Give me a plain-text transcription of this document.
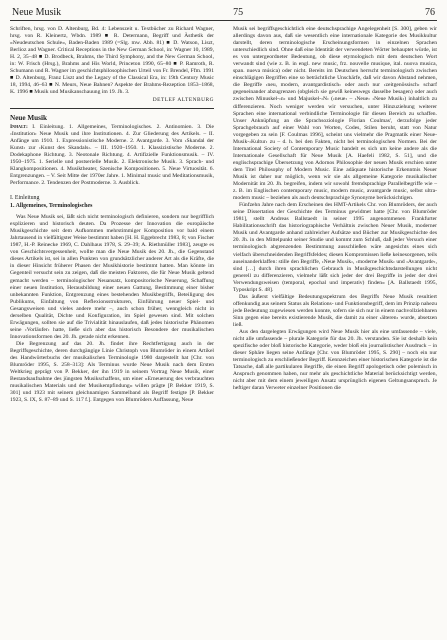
Neue Musik	75	76

Schriften, hrsg. von D. Altenburg, Bd. 4: Lebenszeit u. Textbücher zu Richard Wagner, hrsg. von R. Kleinertz, Wbdn. 1989 ■ R. Determann, Begriff und Ästhetik der »Neudeutschen Schule«, Baden-Baden 1989 (=Slg. mw. Abh. 81) ■ D. Watson, Liszt, Berlioz and Wagner. Critical Receptions in the New German School, in: Wagner 10, 1989, H. 2, 35–48 ■ D. Brodbeck, Brahms, the Third Symphony, and the New German School, in: W. Frisch (Hrsg.), Brahms and His World, Princeton 1990, 65–80 ■ P. Ramroth, R. Schumann und R. Wagner im geschichtsphilosophischen Urteil von Fr. Brendel, Ffm. 1991 ■ D. Altenburg, Franz Liszt and the Legacy of the Classical Era, in: 19th Century Music 18, 1994, 46–63 ■ N. Meurs, Neue Bahnen? Aspekte der Brahms-Rezeption 1853–1868, K. 1996 ■ Musik und Musikanschauung im 19. Jh. 3.

DETLEF ALTENBURG
Neue Musik

Inhalt: I. Einleitung. 1. Allgemeines, Terminologisches. 2. Antinomien. 3. Die ›Institution‹ Neue Musik und ihre Institutionen. 4. Zur Gliederung des Artikels. – II. Anfänge um 1910. 1. Expressionistische Moderne. 2. Avantgarde. 3. Vom ›Skandal der Kunst‹ zur ›Kunst des Skandals‹. – III. 1920–1950. 1. Klassizistische Moderne. 2. Dodekaphone Richtung. 3. Neotonale Richtung. 4. Artifizielle Funktionsmusik. – IV. 1950–1975. 1. Serielle und postserielle Musik. 2. Elektronische Musik. 3. Sprach- und Klangkompositionen. 4. Musiktheater, Szenische Kompositionen. 5. Neue Virtuosität. 6. Entgrenzungen. – V. Seit Mitte der 1970er Jahre. 1. Minimal music und Meditationsmusik, Performance. 2. Tendenzen der Postmoderne. 3. Ausblick.

I. Einleitung
1. Allgemeines, Terminologisches

Was Neue Musik sei, läßt sich nicht terminologisch definieren, sondern nur begrifflich explizieren und historisch deuten. Da Prozesse der Innovation die europäische Musikgeschichte seit dem Aufkommen mehrstimmiger Komposition vor bald einem Jahrtausend in vielfältigster Weise bestimmt haben [H. H. Eggebrecht 1983, 8; von Fischer 1987, H.-P. Reinecke 1969, C. Dahlhaus 1978, S. 29–39; A. Riethmüller 1983], zeugte es von Geschichtsvergessenheit, wollte man die Neue Musik des 20. Jh., die Gegenstand dieses Artikels ist, sei in allen Punkten von grundsätzlicher anderer Art als die Kräfte, die in dieser Hinsicht früherer Phasen der Musikhistorie bestimmt hatten. Man könnte im Gegenteil versucht sein zu zeigen, daß die meisten Faktoren, die für Neue Musik geltend gemacht werden – terminologischer Neuansatz, kompositorische Neuerung, Schaffung einer neuen Institution, Herausbildung einer neuen Gattung, Bestimmung einer bisher unbekannten Funktion, Entgrenzung eines bestehenden Musikbegriffs, Beteiligung des Publikums, Einfaltung von Reflexionsstrukturen, Einführung neuer Spiel- und Gesangsweisen und vieles andere mehr –, auch schon früher, wenngleich nicht in derselben Qualität, Dichte und Konfiguration, im Spiel gewesen sind. Mit solchen Erwägungen, sollten sie auf die Trivialität hinauslaufen, daß jedes historische Phänomen seine ›Vorläufer‹ hatte, ließe sich aber das historisch Besondere der musikalischen Innovationsformen des 20. Jh. gerade nicht erkennen.

Die Begrenzung auf das 20. Jh. findet ihre Rechtfertigung auch in der Begriffsgeschichte, deren durchgängige Linie Christoph von Blumröder in einem Artikel des Handwörterbuchs der musikalischen Terminologie 1980 dargestellt hat [Chr. von Blumröder 1995, S. 258–313]: Als Terminus wurde Neue Musik nach dem Ersten Weltkrieg geprägt von P. Bekker, der ihn 1919 in seinem Vortrag Neue Musik, einer Bestandsaufnahme des jüngsten Musikschaffens, um einer »Erneuerung des verbrauchten musikalischen Materials und der Musikempfindung« willen prägte [P. Bekker 1919, S. 301] und 1923 mit seinem gleichnamigen Sammelband als Begriff festigte [P. Bekker 1923, S. IX, S. 87–89 und S. 117 f.]. Entgegen von Blumröders Auffassung, Neue

Musik sei begriffsgeschichtlich eine deutschsprachige Angelegenheit [S. 300], geben wir allerdings davon aus, daß sie wesentlich eine internationale Kategorie des Musikkultur darstellt, deren terminologische Erscheinungsformen in einzelnen Sprachen unterschiedlich sind. Ohne daß eine Identität der verwendeten Wörter behauptet würde, ist es von untergeordneter Bedeutung, ob diese etymologisch mit dem deutschen Wort verwandt sind (wie z. B. in engl. new music, frz. nouvelle musique, ital. nuova musica, span. nueva música) oder nicht. Bereits im Deutschen herrscht terminologisch zwischen einschlägigen Begriffen eine so beträchtliche Unschärfe, daß wir davon Abstand nehmen, die Begriffe ›neu, modern, avantgardistisch‹ oder auch nur ›zeitgenössisch‹ scharf gegeneinander abzugrenzen (obgleich sie gewiß keineswegs dasselbe besagen) oder auch zwischen Minuskel-›n‹ und Majuskel-›N‹ (›neue‹ – ›Neue‹ ›Neue Musik‹) inhaltlich zu differenzieren. Noch weniger werden wir versuchen, unter Hinzuziehung weiterer Sprachen eine international verbindliche Terminologie für diesen Bereich zu schaffen. Unser Anknüpfung an die Sprachsoziologie Florian Coulmas', derzufolge jeder Sprachgebrauch auf einer Wahl von Worten, Codes, Stilen beruht, statt von Natur vorgegeben zu sein [F. Coulmas 1996], scheint uns vielmehr die Pragmatik einer Neue-Musik-›Kultur‹ zu – d. h. bei den Fakten, nicht bei terminologischen Normen. Bei der International Society of Contemporary Music handelt es sich um keine andere als die Internationale Gesellschaft für Neue Musik [A. Haefeli 1982, S. 51], und die englischsprachige Übersetzung von Adornos Philosophie der neuen Musik erschien unter dem Titel Philosophy of Modern Music. Eine adäquate historische Erkenntnis Neuer Musik ist daher nur möglich, wenn wir sie als allgemeine Kategorie musikalischer Modernität im 20. Jh. begreifen, indem wir sowohl fremdsprachige Parallelbegriffe wie – z. B. im Englischen contemporary music, modern music, avantgarde music, selbst ultra-modern music – beziehen als auch deutschsprachige Synonyme berücksichtigen.

Fünfzehn Jahre nach dem Erscheinen des HMT-Artikels Chr. von Blumröders, der auch seine Dissertation der Geschichte des Terminus gewidmet hatte [Chr. von Blumröder 1981], stellt Andreas Ballstaedt in seiner 1995 angenommenen Frankfurter Habilitationsschrift das historiographische Verhältnis zwischen Neuer Musik, moderner Musik und Avantgarde anhand zahlreicher Aufsätze und Bücher zur Musikgeschichte des 20. Jh. in den Mittelpunkt seiner Studie und kommt zum Schluß, daß jeder Versuch einer terminologisch abgrenzenden Bestimmung ausschließen wäre angesichts eines sich vielfach überschneidenden Begriffsfeldes; diesen Kompromissen ließe keinesorgenen, teils auseinanderklaffen: stille den Begriffe, ›Neue Musik‹, ›moderne Musik‹ und ›Avantgarde‹, sind […] durch ihren sprachlichen Gebrauch in Musikgeschichtsdarstellungen nicht generell zu differenzieren, vielmehr läßt sich jeder der drei Begriffe in jeder der drei Verwendungsweisen (temporal, epochal und imperativ) finden« [A. Ballstaedt 1995, Typoskript S. 48].

Das äußerst vielfältige Bedeutungsspektrum des Begriffs Neue Musik resultiert offenkundig aus seinem Status als Relations- und Funktionsbegriff, dem im Prinzip nahezu jede Bedeutung zugewiesen werden konnte, sofern sie sich nur in einem nachvollziehbaren Sinn gegen eine bereits existierende Musik, die damit zu einer ›älteren‹ wurde, absetzen ließ.

Aus den dargelegten Erwägungen wird Neue Musik hier als eine umfassende – viele, nicht alle umfassende – plurale Kategorie für das 20. Jh. verstanden. Sie ist deshalb kein spezifische oder bloß historische Kategorie, weder bloß ein journalistischer Ausdruck – in dieser Sphäre liegen seine Anfänge [Chr. von Blumröder 1995, S. 290] – noch ein nur terminologisch zu erschließender Begriff. Kennzeichen einer historischen Kategorie ist die Tatsache, daß alle partikularen Begriffe, die einen Begriff apologetisch oder polemisch in Anspruch genommen haben, nur mehr als geschichtliche Material berücksichtigt werden, nicht aber mit dem einem jeweiligen Ansatz ursprünglich eigenen Geltungsanspruch. Je heftiger daran Verweter einzelner Positionen die
